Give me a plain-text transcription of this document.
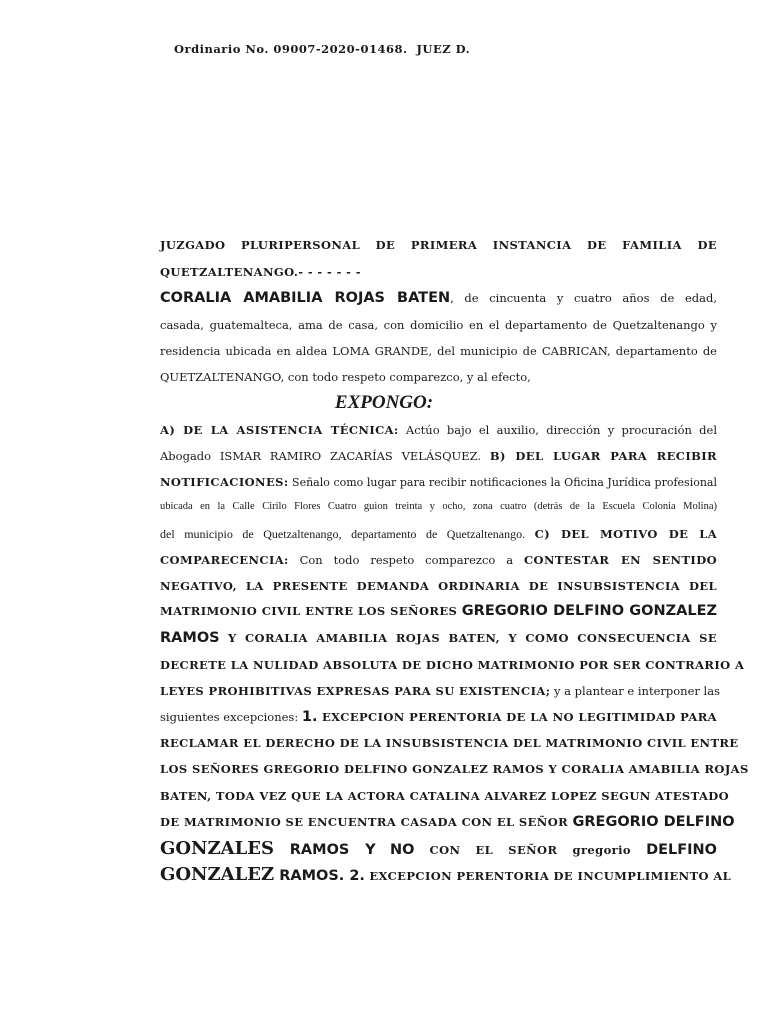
Ordinario No. 09007-2020-01468.  JUEZ D.
JUZGADO PLURIPERSONAL DE PRIMERA INSTANCIA DE FAMILIA DE
QUETZALTENANGO.- - - - - - -
CORALIA AMABILIA ROJAS BATEN, de cincuenta y cuatro años de edad,
casada, guatemalteca, ama de casa, con domicilio en el departamento de Quetzaltenango y
residencia ubicada en aldea LOMA GRANDE, del municipio de CABRICAN, departamento de
QUETZALTENANGO, con todo respeto comparezco, y al efecto,
EXPONGO:
A) DE LA ASISTENCIA TÉCNICA: Actúo bajo el auxilio, dirección y procuración del
Abogado ISMAR RAMIRO ZACARÍAS VELÁSQUEZ. B) DEL LUGAR PARA RECIBIR
NOTIFICACIONES: Señalo como lugar para recibir notificaciones la Oficina Jurídica profesional
ubicada en la Calle Cirilo Flores Cuatro guion treinta y ocho, zona cuatro (detrás de la Escuela Colonia Molina)
del municipio de Quetzaltenango, departamento de Quetzaltenango. C) DEL MOTIVO DE LA
COMPARECENCIA: Con todo respeto comparezco a CONTESTAR EN SENTIDO
NEGATIVO, LA PRESENTE DEMANDA ORDINARIA DE INSUBSISTENCIA DEL
MATRIMONIO CIVIL ENTRE LOS SEÑORES GREGORIO DELFINO GONZALEZ
RAMOS Y CORALIA AMABILIA ROJAS BATEN, Y COMO CONSECUENCIA SE
DECRETE LA NULIDAD ABSOLUTA DE DICHO MATRIMONIO POR SER CONTRARIO A
LEYES PROHIBITIVAS EXPRESAS PARA SU EXISTENCIA; y a plantear e interponer las
siguientes excepciones: 1. EXCEPCION PERENTORIA DE LA NO LEGITIMIDAD PARA
RECLAMAR EL DERECHO DE LA INSUBSISTENCIA DEL MATRIMONIO CIVIL ENTRE
LOS SEÑORES GREGORIO DELFINO GONZALEZ RAMOS Y CORALIA AMABILIA ROJAS
BATEN, TODA VEZ QUE LA ACTORA CATALINA ALVAREZ LOPEZ SEGUN ATESTADO
DE MATRIMONIO SE ENCUENTRA CASADA CON EL SEÑOR GREGORIO DELFINO
GONZALES RAMOS Y NO CON EL SEÑOR gregorio DELFINO
GONZALEZ RAMOS. 2. EXCEPCION PERENTORIA DE INCUMPLIMIENTO AL
